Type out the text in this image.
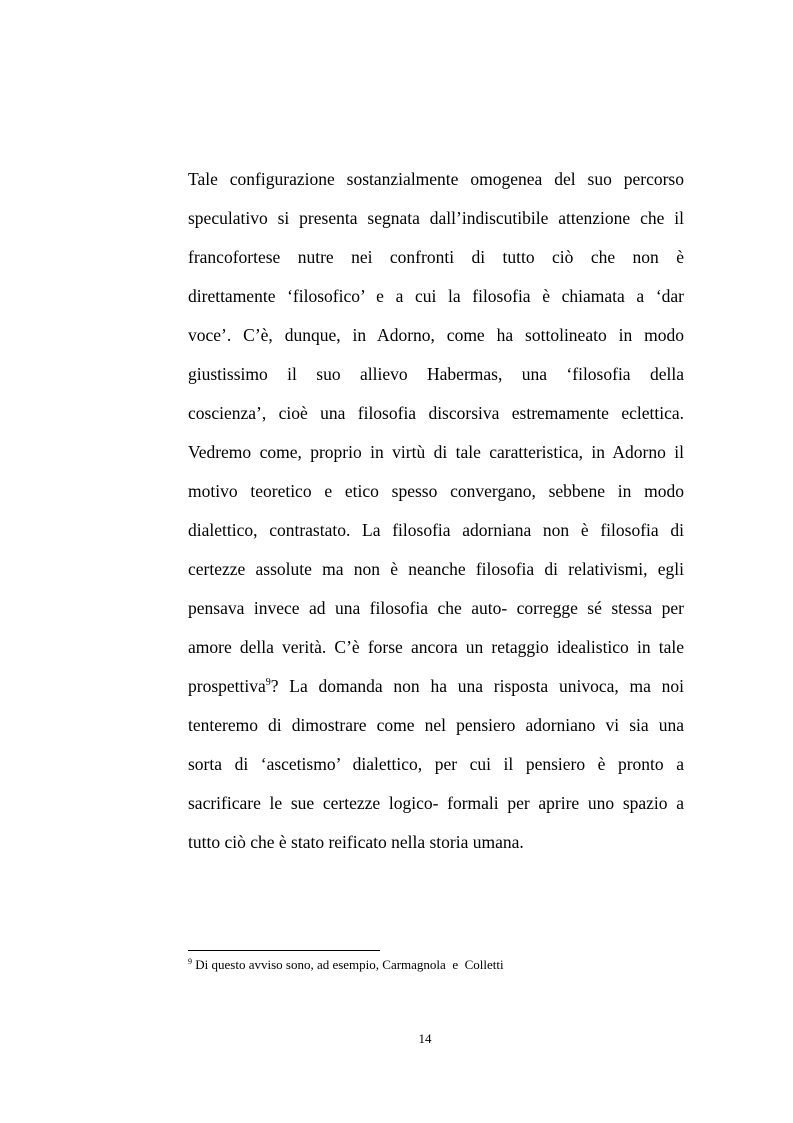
Tale configurazione sostanzialmente omogenea del suo percorso
speculativo si presenta segnata dall’indiscutibile attenzione che il
francofortese nutre nei confronti di tutto ciò che non è
direttamente ‘filosofico’ e a cui la filosofia è chiamata a ‘dar
voce’. C’è, dunque, in Adorno, come ha sottolineato in modo
giustissimo il suo allievo Habermas, una ‘filosofia della
coscienza’, cioè una filosofia discorsiva estremamente eclettica.
Vedremo come, proprio in virtù di tale caratteristica, in Adorno il
motivo teoretico e etico spesso convergano, sebbene in modo
dialettico, contrastato. La filosofia adorniana non è filosofia di
certezze assolute ma non è neanche filosofia di relativismi, egli
pensava invece ad una filosofia che auto- corregge sé stessa per
amore della verità. C’è forse ancora un retaggio idealistico in tale
prospettiva$^9$? La domanda non ha una risposta univoca, ma noi
tenteremo di dimostrare come nel pensiero adorniano vi sia una
sorta di ‘ascetismo’ dialettico, per cui il pensiero è pronto a
sacrificare le sue certezze logico- formali per aprire uno spazio a
tutto ciò che è stato reificato nella storia umana.
$^9$ Di questo avviso sono, ad esempio, Carmagnola  e  Colletti
14
